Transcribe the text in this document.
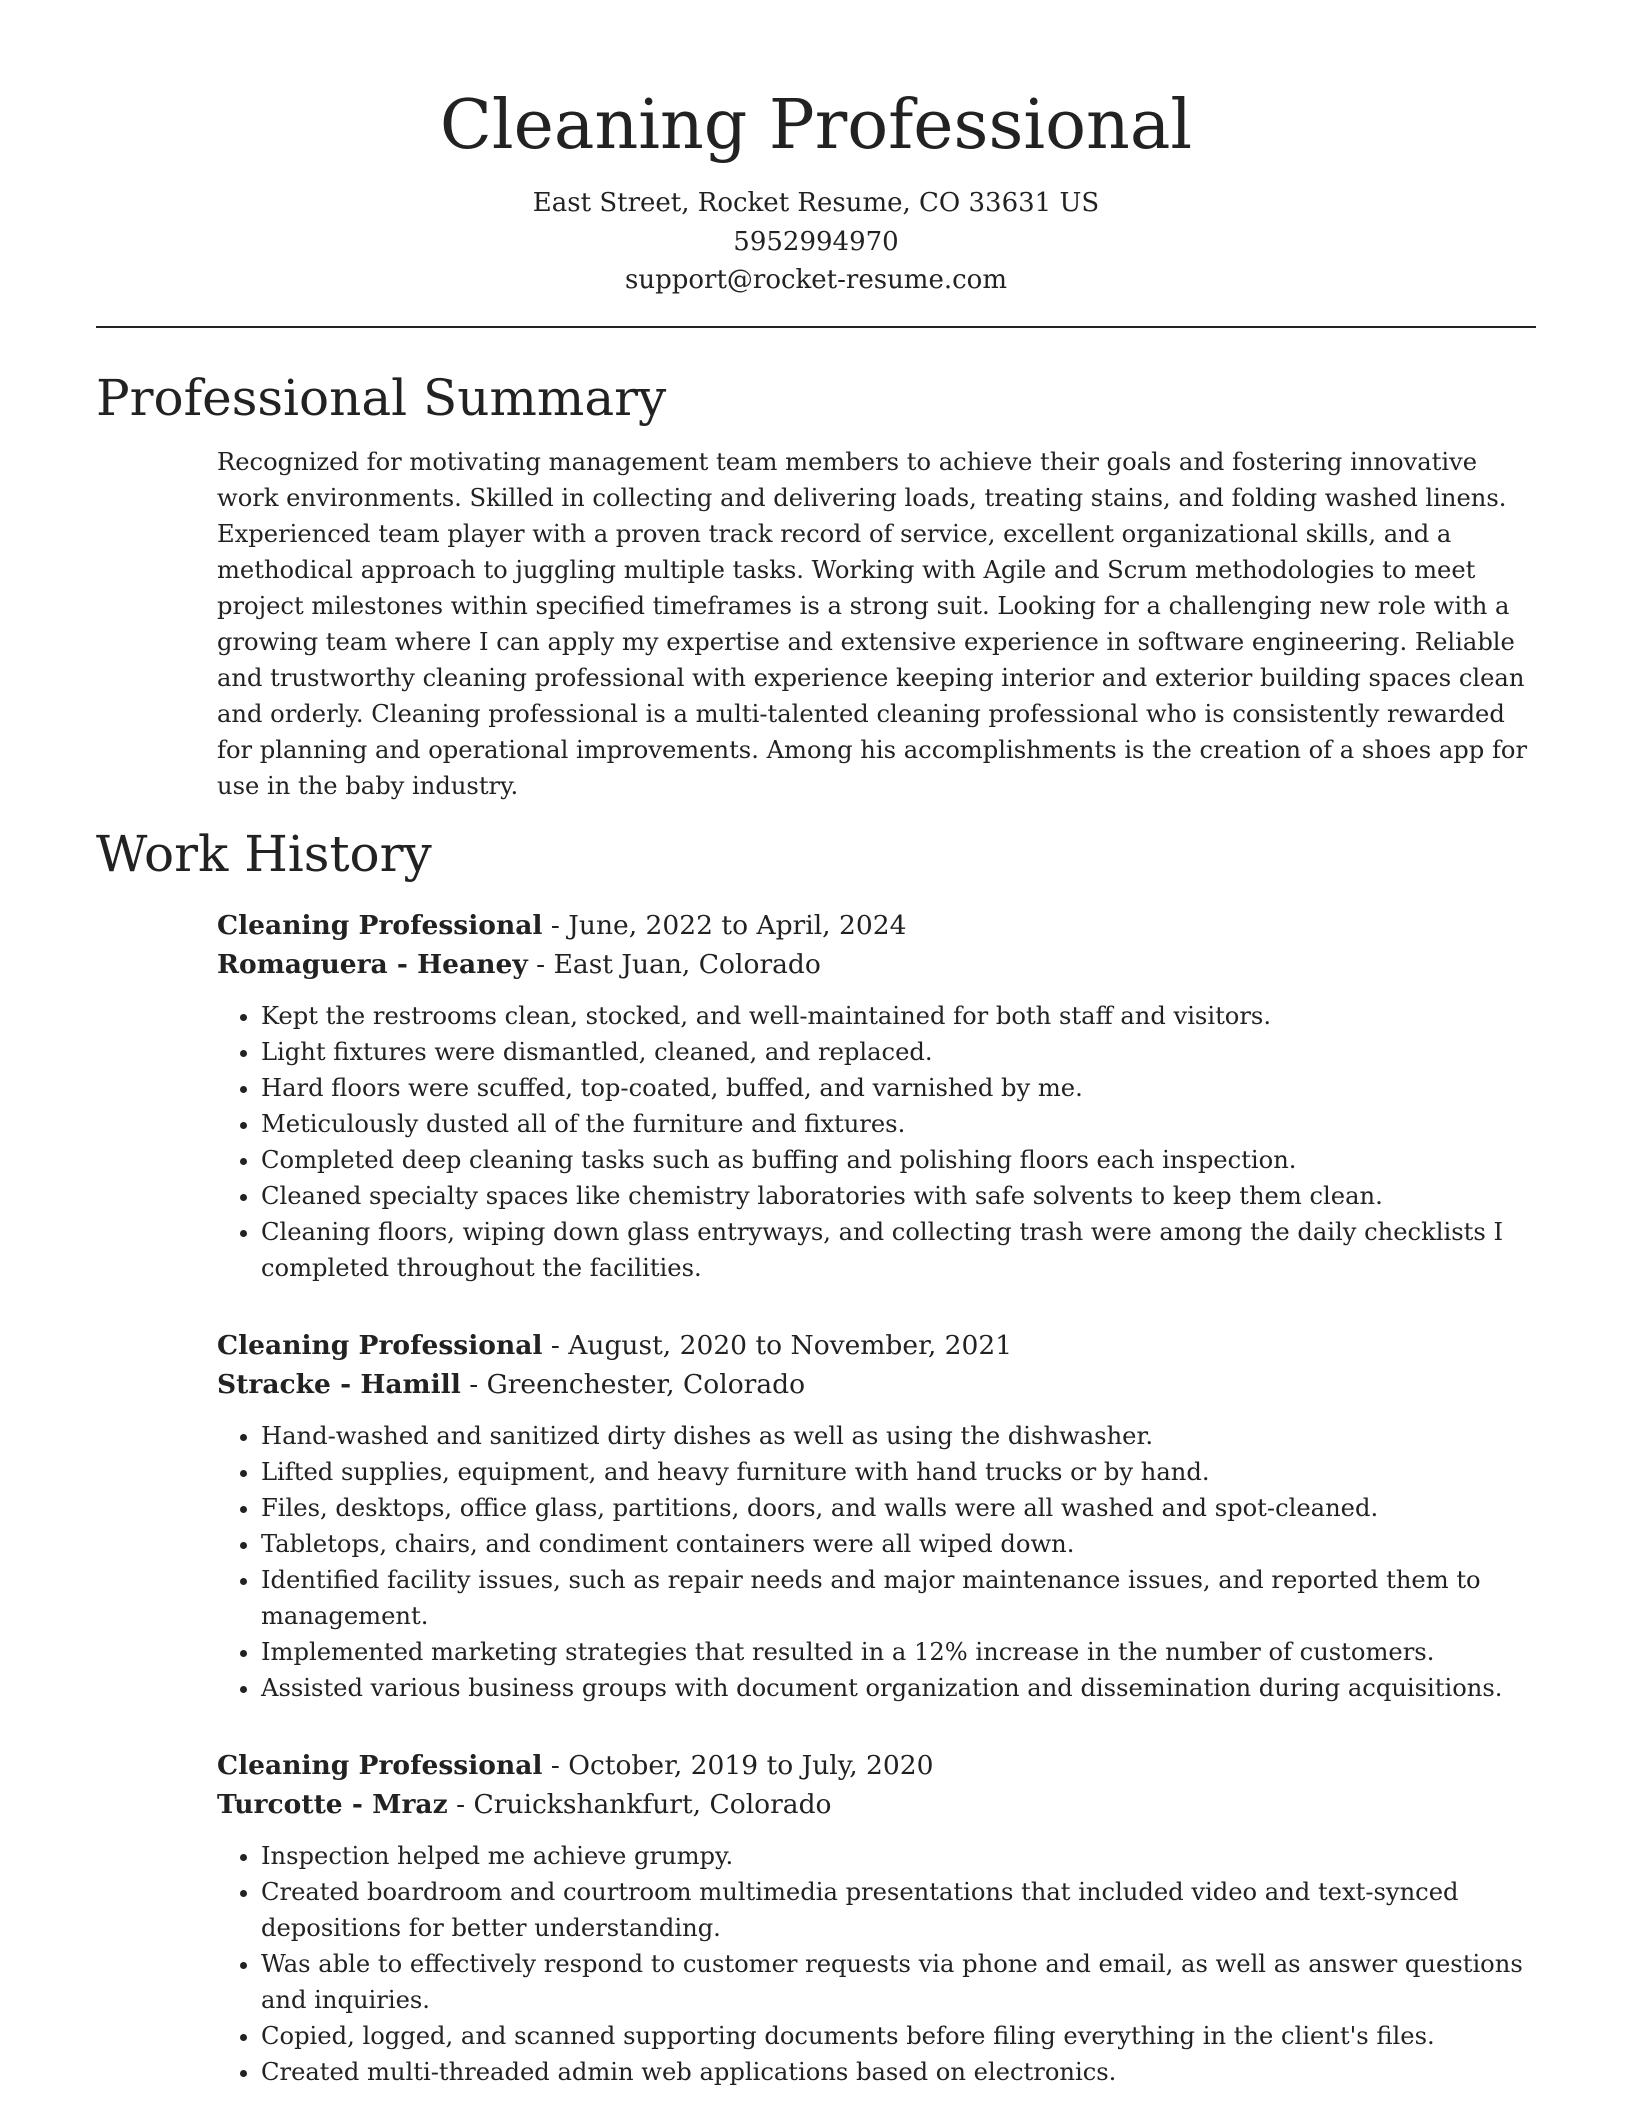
Cleaning Professional
East Street, Rocket Resume, CO 33631 US
5952994970
support@rocket-resume.com
Professional Summary
Recognized for motivating management team members to achieve their goals and fostering innovative work environments. Skilled in collecting and delivering loads, treating stains, and folding washed linens. Experienced team player with a proven track record of service, excellent organizational skills, and a methodical approach to juggling multiple tasks. Working with Agile and Scrum methodologies to meet project milestones within specified timeframes is a strong suit. Looking for a challenging new role with a growing team where I can apply my expertise and extensive experience in software engineering. Reliable and trustworthy cleaning professional with experience keeping interior and exterior building spaces clean and orderly. Cleaning professional is a multi-talented cleaning professional who is consistently rewarded for planning and operational improvements. Among his accomplishments is the creation of a shoes app for use in the baby industry.
Work History
Cleaning Professional - June, 2022 to April, 2024
Romaguera - Heaney - East Juan, Colorado
• Kept the restrooms clean, stocked, and well-maintained for both staff and visitors.
• Light fixtures were dismantled, cleaned, and replaced.
• Hard floors were scuffed, top-coated, buffed, and varnished by me.
• Meticulously dusted all of the furniture and fixtures.
• Completed deep cleaning tasks such as buffing and polishing floors each inspection.
• Cleaned specialty spaces like chemistry laboratories with safe solvents to keep them clean.
• Cleaning floors, wiping down glass entryways, and collecting trash were among the daily checklists I completed throughout the facilities.
Cleaning Professional - August, 2020 to November, 2021
Stracke - Hamill - Greenchester, Colorado
• Hand-washed and sanitized dirty dishes as well as using the dishwasher.
• Lifted supplies, equipment, and heavy furniture with hand trucks or by hand.
• Files, desktops, office glass, partitions, doors, and walls were all washed and spot-cleaned.
• Tabletops, chairs, and condiment containers were all wiped down.
• Identified facility issues, such as repair needs and major maintenance issues, and reported them to management.
• Implemented marketing strategies that resulted in a 12% increase in the number of customers.
• Assisted various business groups with document organization and dissemination during acquisitions.
Cleaning Professional - October, 2019 to July, 2020
Turcotte - Mraz - Cruickshankfurt, Colorado
• Inspection helped me achieve grumpy.
• Created boardroom and courtroom multimedia presentations that included video and text-synced depositions for better understanding.
• Was able to effectively respond to customer requests via phone and email, as well as answer questions and inquiries.
• Copied, logged, and scanned supporting documents before filing everything in the client's files.
• Created multi-threaded admin web applications based on electronics.
